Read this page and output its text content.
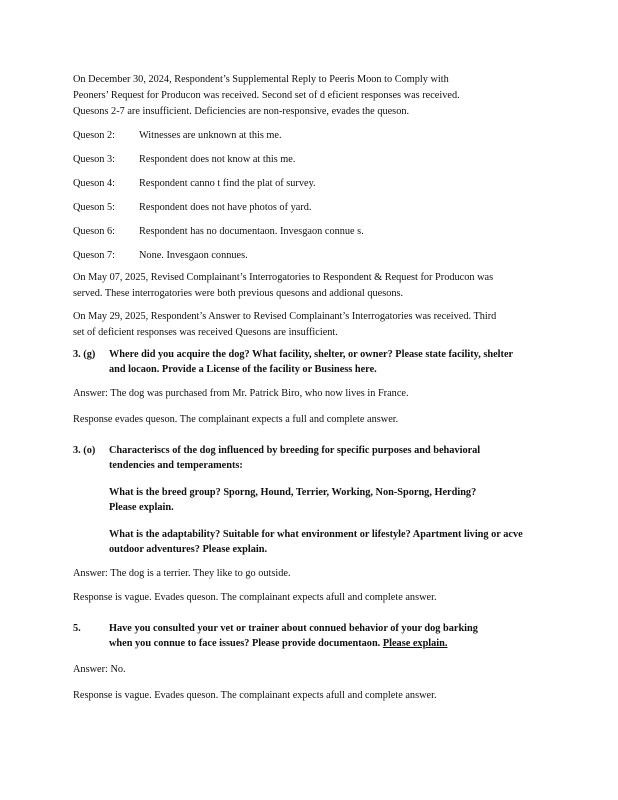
On December 30, 2024, Respondent’s Supplemental Reply to Peeris Moon to Comply with

Peoners’ Request for Producon was received. Second set of d eficient responses was received.

Quesons 2-7 are insufficient. Deficiencies are non-responsive, evades the queson.

Queson 2:	Witnesses are unknown at this me.
Queson 3:	Respondent does not know at this me.
Queson 4:	Respondent canno t find the plat of survey.
Queson 5:	Respondent does not have photos of yard.
Queson 6:	Respondent has no documentaon. Invesgaon connue s.
Queson 7:	None. Invesgaon connues.

On May 07, 2025, Revised Complainant’s Interrogatories to Respondent & Request for Producon was

served. These interrogatories were both previous quesons and addional quesons.

On May 29, 2025, Respondent’s Answer to Revised Complainant’s Interrogatories was received. Third

set of deficient responses was received Quesons are insufficient.

3. (g)	Where did you acquire the dog? What facility, shelter, or owner? Please state facility, shelter
and locaon. Provide a License of the facility or Business here.

Answer: The dog was purchased from Mr. Patrick Biro, who now lives in France.

Response evades queson. The complainant expects a full and complete answer.

3. (o)	Characteriscs of the dog influenced by breeding for specific purposes and behavioral
tendencies and temperaments:
What is the breed group? Sporng, Hound, Terrier, Working, Non-Sporng, Herding?
Please explain.
What is the adaptability? Suitable for what environment or lifestyle? Apartment living or acve
outdoor adventures? Please explain.

Answer: The dog is a terrier. They like to go outside.

Response is vague. Evades queson. The complainant expects afull and complete answer.

5.	Have you consulted your vet or trainer about connued behavior of your dog barking
when you connue to face issues? Please provide documentaon. Please explain.

Answer: No.

Response is vague. Evades queson. The complainant expects afull and complete answer.
